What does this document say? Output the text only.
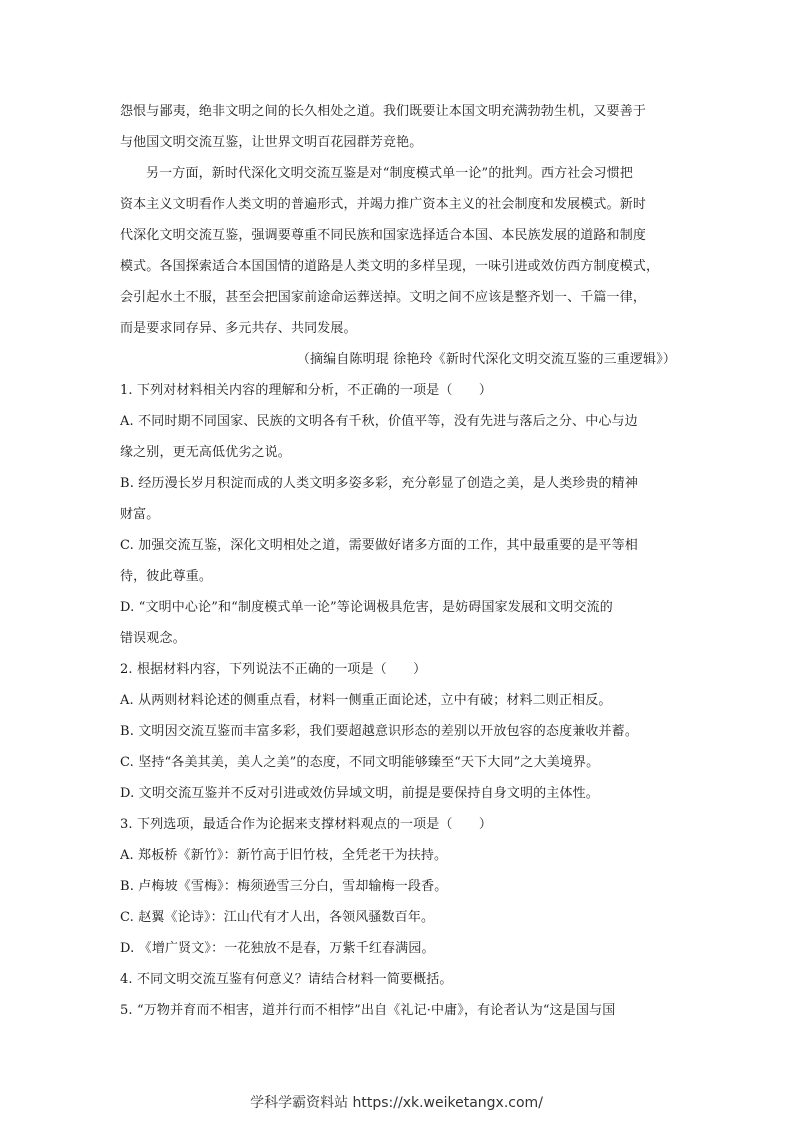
怨恨与鄙夷，绝非文明之间的长久相处之道。我们既要让本国文明充满勃勃生机，又要善于
与他国文明交流互鉴，让世界文明百花园群芳竞艳。
另一方面，新时代深化文明交流互鉴是对“制度模式单一论”的批判。西方社会习惯把
资本主义文明看作人类文明的普遍形式，并竭力推广资本主义的社会制度和发展模式。新时
代深化文明交流互鉴，强调要尊重不同民族和国家选择适合本国、本民族发展的道路和制度
模式。各国探索适合本国国情的道路是人类文明的多样呈现，一味引进或效仿西方制度模式，
会引起水土不服，甚至会把国家前途命运葬送掉。文明之间不应该是整齐划一、千篇一律，
而是要求同存异、多元共存、共同发展。
（摘编自陈明琨 徐艳玲《新时代深化文明交流互鉴的三重逻辑》）
1. 下列对材料相关内容的理解和分析，不正确的一项是（　　）
A. 不同时期不同国家、民族的文明各有千秋，价值平等，没有先进与落后之分、中心与边
缘之别，更无高低优劣之说。
B. 经历漫长岁月积淀而成的人类文明多姿多彩，充分彰显了创造之美，是人类珍贵的精神
财富。
C. 加强交流互鉴，深化文明相处之道，需要做好诸多方面的工作，其中最重要的是平等相
待，彼此尊重。
D. “文明中心论”和“制度模式单一论”等论调极具危害，是妨碍国家发展和文明交流的
错误观念。
2. 根据材料内容，下列说法不正确的一项是（　　）
A. 从两则材料论述的侧重点看，材料一侧重正面论述，立中有破；材料二则正相反。
B. 文明因交流互鉴而丰富多彩，我们要超越意识形态的差别以开放包容的态度兼收并蓄。
C. 坚持“各美其美，美人之美”的态度，不同文明能够臻至“天下大同”之大美境界。
D. 文明交流互鉴并不反对引进或效仿异域文明，前提是要保持自身文明的主体性。
3. 下列选项，最适合作为论据来支撑材料观点的一项是（　　）
A. 郑板桥《新竹》：新竹高于旧竹枝，全凭老干为扶持。
B. 卢梅坡《雪梅》：梅须逊雪三分白，雪却输梅一段香。
C. 赵翼《论诗》：江山代有才人出，各领风骚数百年。
D. 《增广贤文》：一花独放不是春，万紫千红春满园。
4. 不同文明交流互鉴有何意义？请结合材料一简要概括。
5. “万物并育而不相害，道并行而不相悖”出自《礼记·中庸》，有论者认为“这是国与国
学科学霸资料站 https://xk.weiketangx.com/
